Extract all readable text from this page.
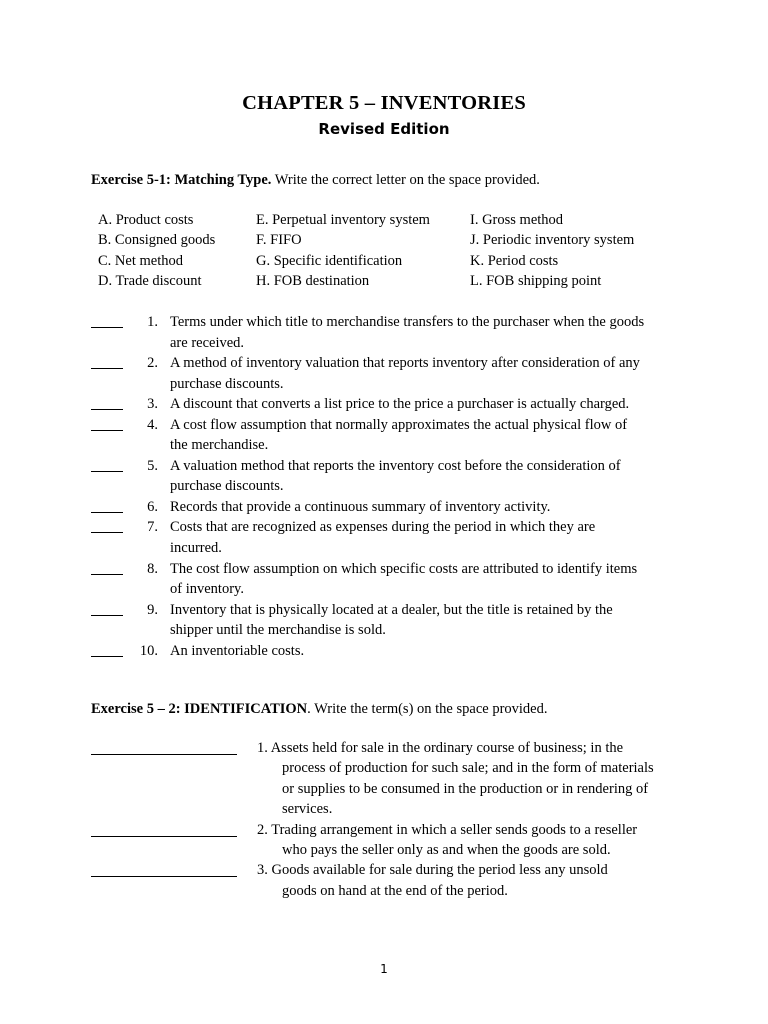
CHAPTER 5 – INVENTORIES
Revised Edition
Exercise 5-1: Matching Type. Write the correct letter on the space provided.
A. Product costs	E. Perpetual inventory system	I. Gross method
B. Consigned goods	F. FIFO	J. Periodic inventory system
C. Net method	G. Specific identification	K. Period costs
D. Trade discount	H. FOB destination	L. FOB shipping point
1. Terms under which title to merchandise transfers to the purchaser when the goods
are received.
2. A method of inventory valuation that reports inventory after consideration of any
purchase discounts.
3. A discount that converts a list price to the price a purchaser is actually charged.
4. A cost flow assumption that normally approximates the actual physical flow of
the merchandise.
5. A valuation method that reports the inventory cost before the consideration of
purchase discounts.
6. Records that provide a continuous summary of inventory activity.
7. Costs that are recognized as expenses during the period in which they are
incurred.
8. The cost flow assumption on which specific costs are attributed to identify items
of inventory.
9. Inventory that is physically located at a dealer, but the title is retained by the
shipper until the merchandise is sold.
10. An inventoriable costs.
Exercise 5 – 2: IDENTIFICATION. Write the term(s) on the space provided.
1. Assets held for sale in the ordinary course of business; in the
process of production for such sale; and in the form of materials
or supplies to be consumed in the production or in rendering of
services.
2. Trading arrangement in which a seller sends goods to a reseller
who pays the seller only as and when the goods are sold.
3. Goods available for sale during the period less any unsold
goods on hand at the end of the period.
1
